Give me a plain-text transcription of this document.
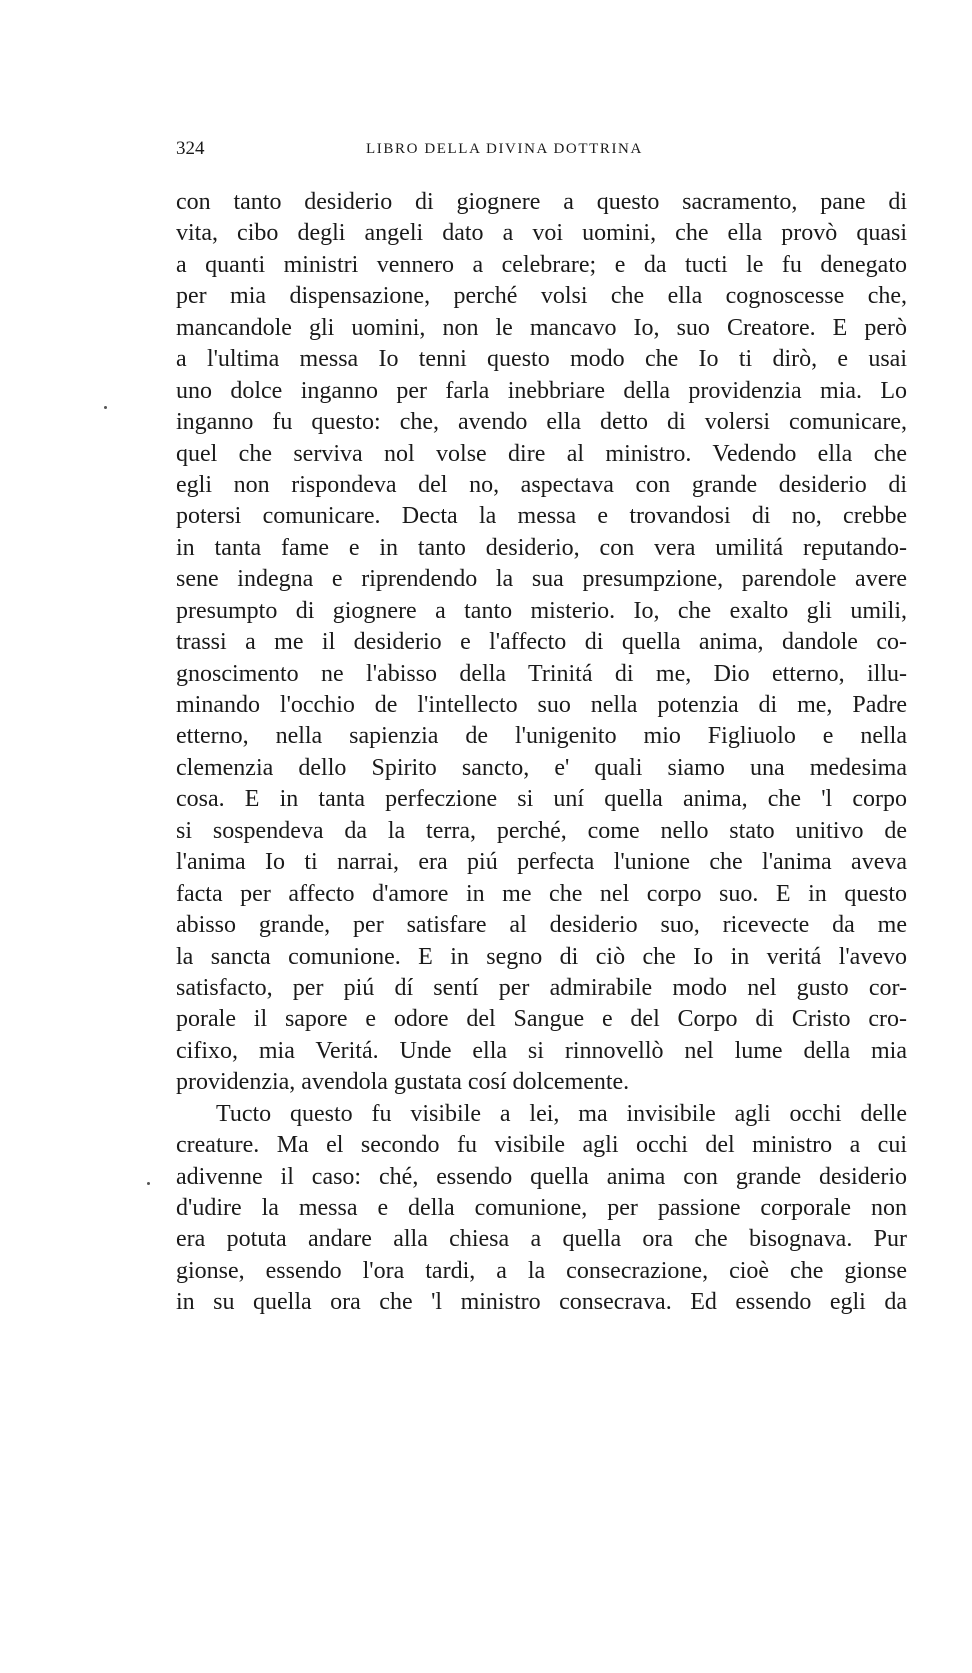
324	LIBRO DELLA DIVINA DOTTRINA
con tanto desiderio di giognere a questo sacramento, pane di
vita, cibo degli angeli dato a voi uomini, che ella provò quasi
a quanti ministri vennero a celebrare; e da tucti le fu denegato
per mia dispensazione, perché volsi che ella cognoscesse che,
mancandole gli uomini, non le mancavo Io, suo Creatore. E però
a l'ultima messa Io tenni questo modo che Io ti dirò, e usai
uno dolce inganno per farla inebbriare della providenzia mia. Lo
inganno fu questo: che, avendo ella detto di volersi comunicare,
quel che serviva nol volse dire al ministro. Vedendo ella che
egli non rispondeva del no, aspectava con grande desiderio di
potersi comunicare. Decta la messa e trovandosi di no, crebbe
in tanta fame e in tanto desiderio, con vera umilitá reputando-
sene indegna e riprendendo la sua presumpzione, parendole avere
presumpto di giognere a tanto misterio. Io, che exalto gli umili,
trassi a me il desiderio e l'affecto di quella anima, dandole co-
gnoscimento ne l'abisso della Trinitá di me, Dio etterno, illu-
minando l'occhio de l'intellecto suo nella potenzia di me, Padre
etterno, nella sapienzia de l'unigenito mio Figliuolo e nella
clemenzia dello Spirito sancto, e' quali siamo una medesima
cosa. E in tanta perfeczione si uní quella anima, che 'l corpo
si sospendeva da la terra, perché, come nello stato unitivo de
l'anima Io ti narrai, era piú perfecta l'unione che l'anima aveva
facta per affecto d'amore in me che nel corpo suo. E in questo
abisso grande, per satisfare al desiderio suo, ricevecte da me
la sancta comunione. E in segno di ciò che Io in veritá l'avevo
satisfacto, per piú dí sentí per admirabile modo nel gusto cor-
porale il sapore e odore del Sangue e del Corpo di Cristo cro-
cifixo, mia Veritá. Unde ella si rinnovellò nel lume della mia
providenzia, avendola gustata cosí dolcemente.
Tucto questo fu visibile a lei, ma invisibile agli occhi delle
creature. Ma el secondo fu visibile agli occhi del ministro a cui
adivenne il caso: ché, essendo quella anima con grande desiderio
d'udire la messa e della comunione, per passione corporale non
era potuta andare alla chiesa a quella ora che bisognava. Pur
gionse, essendo l'ora tardi, a la consecrazione, cioè che gionse
in su quella ora che 'l ministro consecrava. Ed essendo egli da
